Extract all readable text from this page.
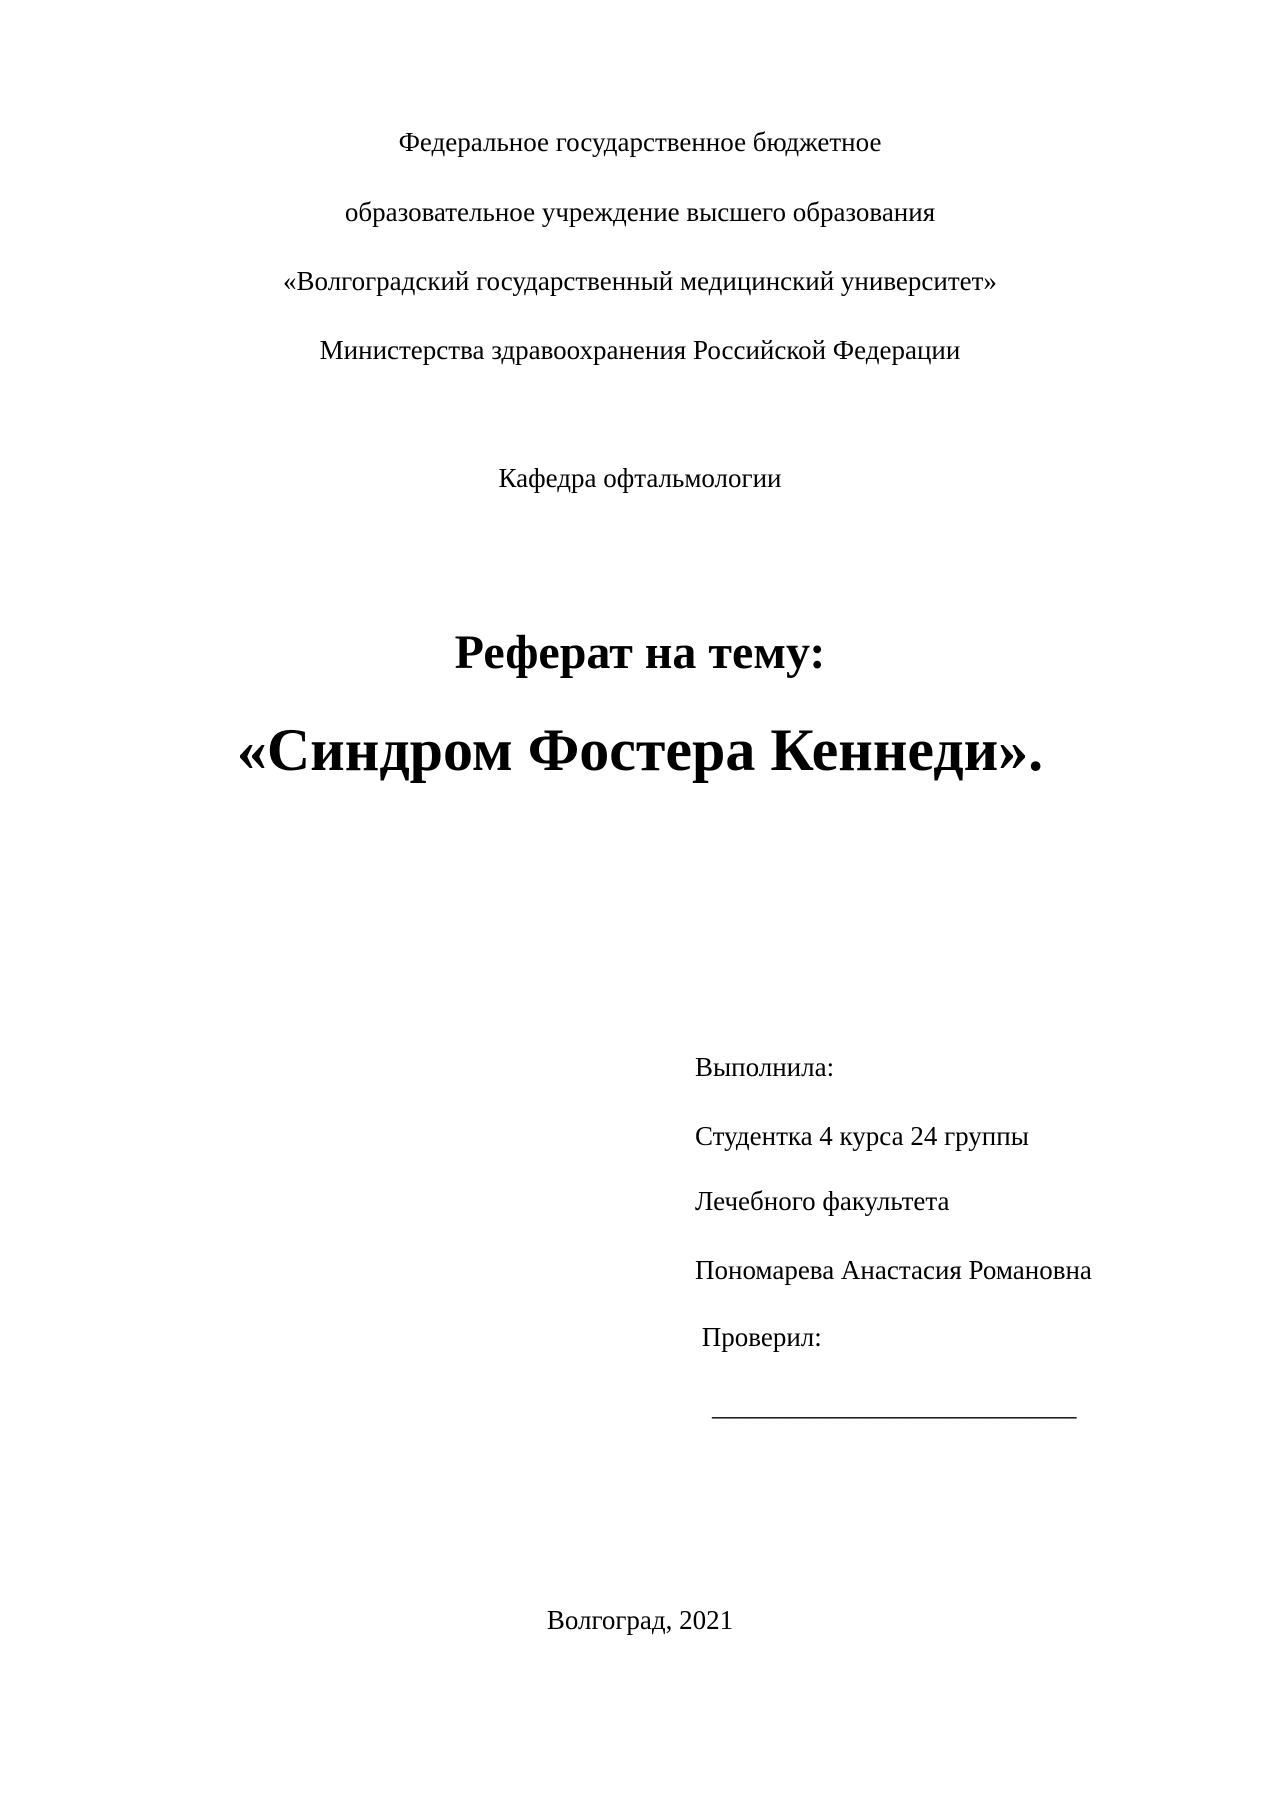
Федеральное государственное бюджетное
образовательное учреждение высшего образования
«Волгоградский государственный медицинский университет»
Министерства здравоохранения Российской Федерации
Кафедра офтальмологии
Реферат на тему:
«Синдром Фостера Кеннеди».
Выполнила:
Студентка 4 курса 24 группы
Лечебного факультета
Пономарева Анастасия Романовна
Проверил:
___________________________
Волгоград, 2021
